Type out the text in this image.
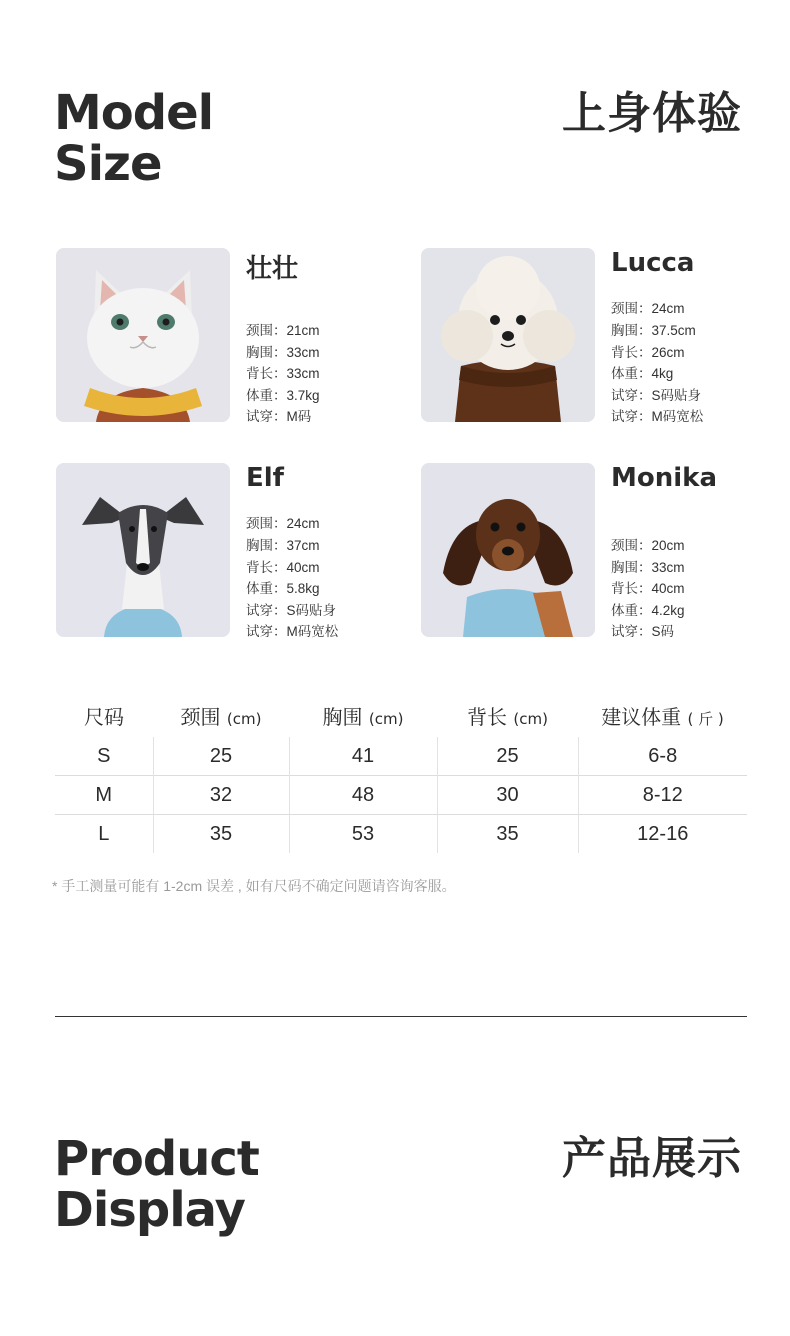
Model
Size
上身体验
壮壮
颈围：21cm
胸围：33cm
背长：33cm
体重：3.7kg
试穿：M码
Lucca
颈围：24cm
胸围：37.5cm
背长：26cm
体重：4kg
试穿：S码贴身
试穿：M码宽松
Elf
颈围：24cm
胸围：37cm
背长：40cm
体重：5.8kg
试穿：S码贴身
试穿：M码宽松
Monika
颈围：20cm
胸围：33cm
背长：40cm
体重：4.2kg
试穿：S码
尺码	颈围 (cm)	胸围 (cm)	背长 (cm)	建议体重 ( 斤 )
S	25	41	25	6-8
M	32	48	30	8-12
L	35	53	35	12-16
* 手工测量可能有 1-2cm 误差 , 如有尺码不确定问题请咨询客服。
Product
Display
产品展示
